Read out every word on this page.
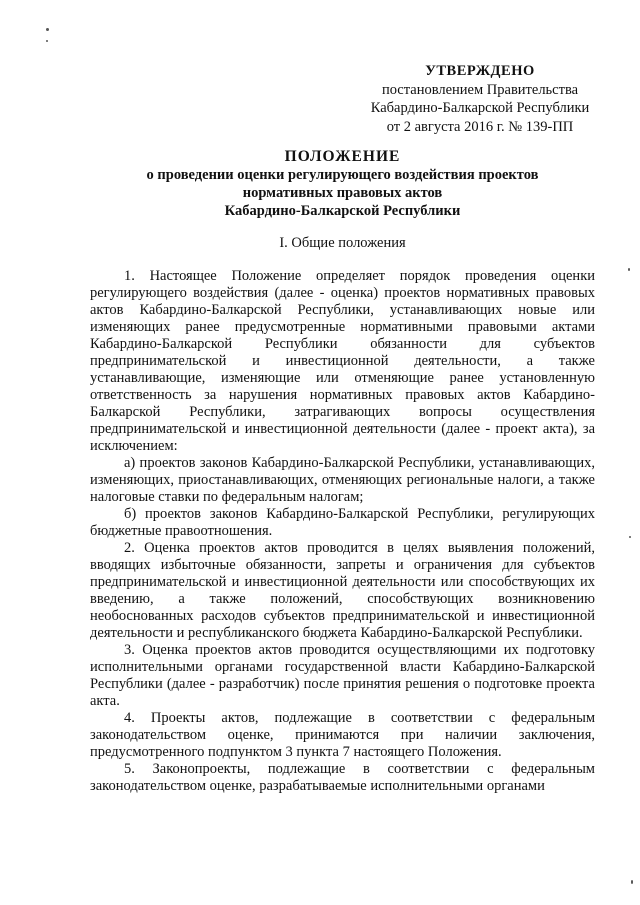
УТВЕРЖДЕНО
постановлением Правительства
Кабардино-Балкарской Республики
от 2 августа 2016 г. № 139-ПП
ПОЛОЖЕНИЕ
о проведении оценки регулирующего воздействия проектов
нормативных правовых актов
Кабардино-Балкарской Республики
I. Общие положения

1. Настоящее Положение определяет порядок проведения оценки регулирующего воздействия (далее - оценка) проектов нормативных правовых актов Кабардино-Балкарской Республики, устанавливающих новые или изменяющих ранее предусмотренные нормативными правовыми актами Кабардино-Балкарской Республики обязанности для субъектов предпринимательской и инвестиционной деятельности, а также устанавливающие, изменяющие или отменяющие ранее установленную ответственность за нарушения нормативных правовых актов Кабардино-Балкарской Республики, затрагивающих вопросы осуществления предпринимательской и инвестиционной деятельности (далее - проект акта), за исключением:

а) проектов законов Кабардино-Балкарской Республики, устанавливающих, изменяющих, приостанавливающих, отменяющих региональные налоги, а также налоговые ставки по федеральным налогам;

б) проектов законов Кабардино-Балкарской Республики, регулирующих бюджетные правоотношения.

2. Оценка проектов актов проводится в целях выявления положений, вводящих избыточные обязанности, запреты и ограничения для субъектов предпринимательской и инвестиционной деятельности или способствующих их введению, а также положений, способствующих возникновению необоснованных расходов субъектов предпринимательской и инвестиционной деятельности и республиканского бюджета Кабардино-Балкарской Республики.

3. Оценка проектов актов проводится осуществляющими их подготовку исполнительными органами государственной власти Кабардино-Балкарской Республики (далее - разработчик) после принятия решения о подготовке проекта акта.

4. Проекты актов, подлежащие в соответствии с федеральным законодательством оценке, принимаются при наличии заключения, предусмотренного подпунктом 3 пункта 7 настоящего Положения.

5. Законопроекты, подлежащие в соответствии с федеральным законодательством оценке, разрабатываемые исполнительными органами
